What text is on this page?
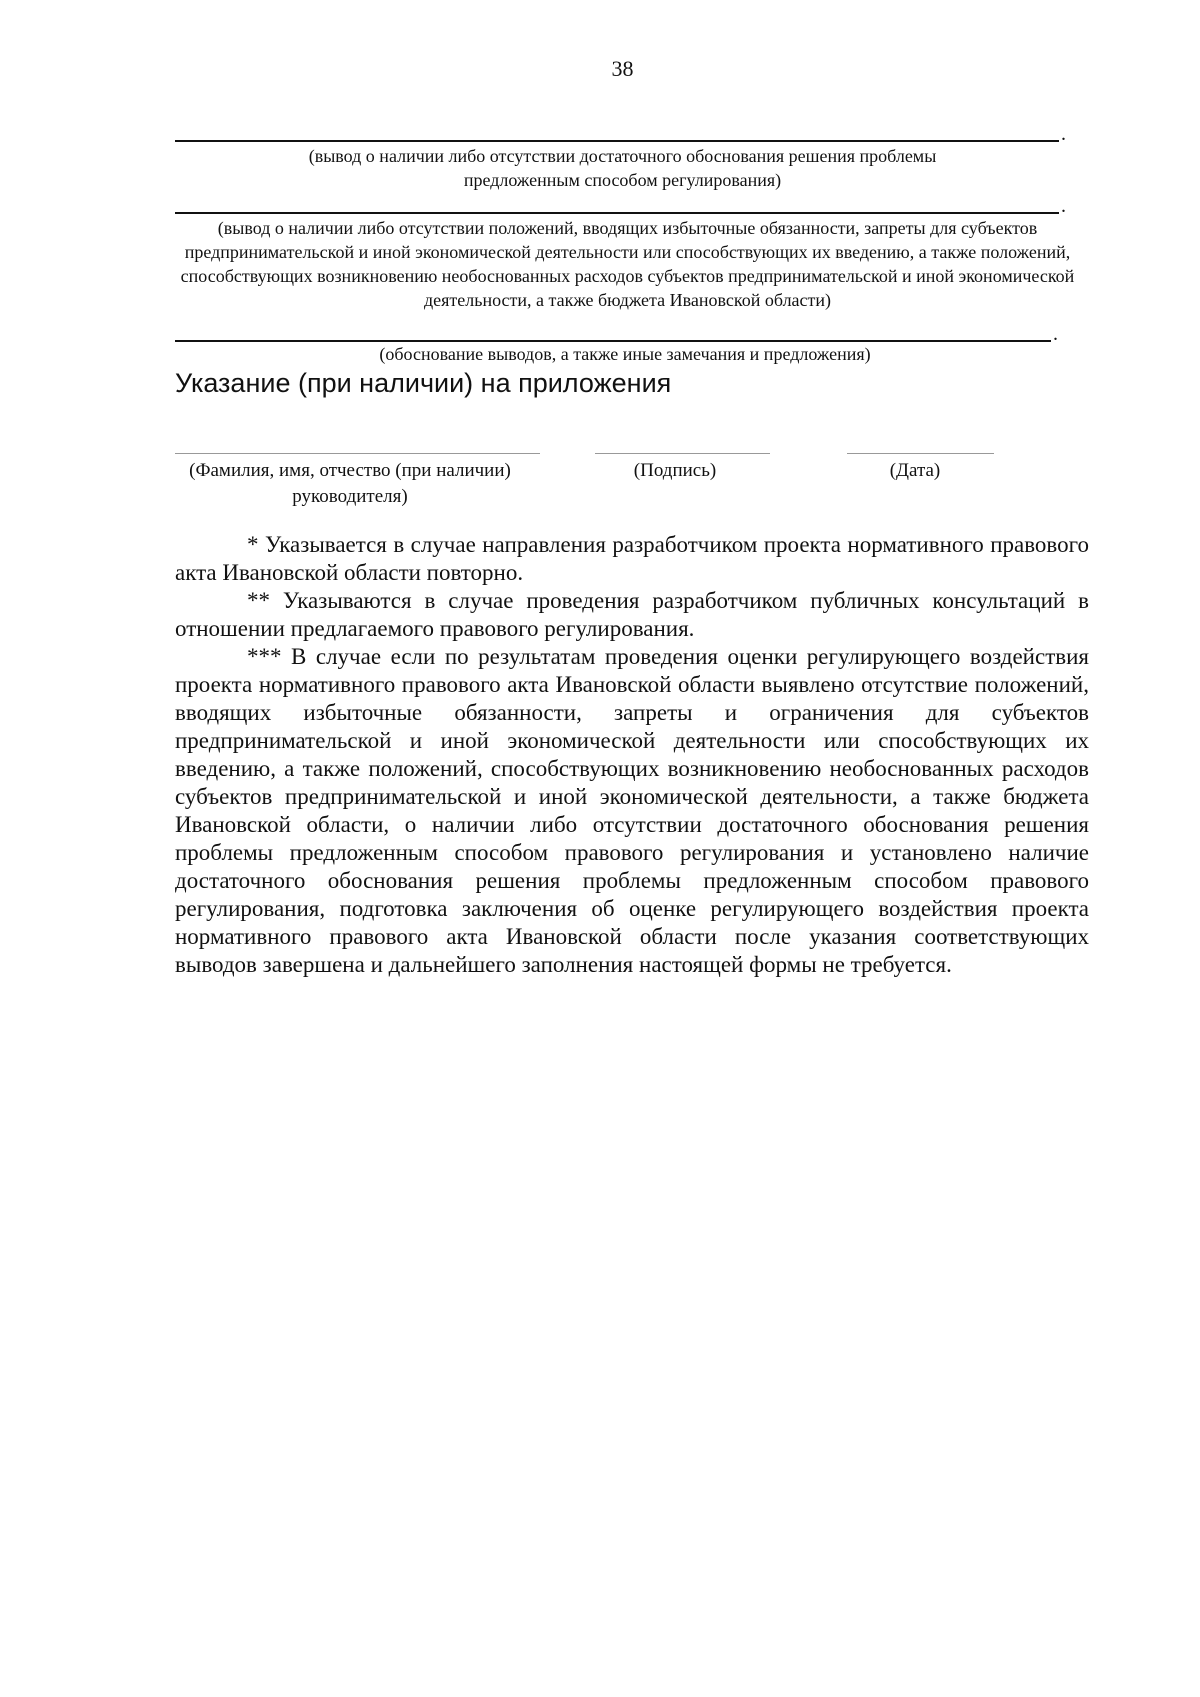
38
.
(вывод о наличии либо отсутствии достаточного обоснования решения проблемы предложенным способом регулирования)
.
(вывод о наличии либо отсутствии положений, вводящих избыточные обязанности, запреты для субъектов предпринимательской и иной экономической деятельности или способствующих их введению, а также положений, способствующих возникновению необоснованных расходов субъектов предпринимательской и иной экономической деятельности, а также бюджета Ивановской области)
.
(обоснование выводов, а также иные замечания и предложения)
Указание (при наличии) на приложения
(Фамилия, имя, отчество (при наличии) руководителя)
(Подпись)	(Дата)

* Указывается в случае направления разработчиком проекта нормативного правового акта Ивановской области повторно.

** Указываются в случае проведения разработчиком публичных консультаций в отношении предлагаемого правового регулирования.

*** В случае если по результатам проведения оценки регулирующего воздействия проекта нормативного правового акта Ивановской области выявлено отсутствие положений, вводящих избыточные обязанности, запреты и ограничения для субъектов предпринимательской и иной экономической деятельности или способствующих их введению, а также положений, способствующих возникновению необоснованных расходов субъектов предпринимательской и иной экономической деятельности, а также бюджета Ивановской области, о наличии либо отсутствии достаточного обоснования решения проблемы предложенным способом правового регулирования и установлено наличие достаточного обоснования решения проблемы предложенным способом правового регулирования, подготовка заключения об оценке регулирующего воздействия проекта нормативного правового акта Ивановской области после указания соответствующих выводов завершена и дальнейшего заполнения настоящей формы не требуется.
